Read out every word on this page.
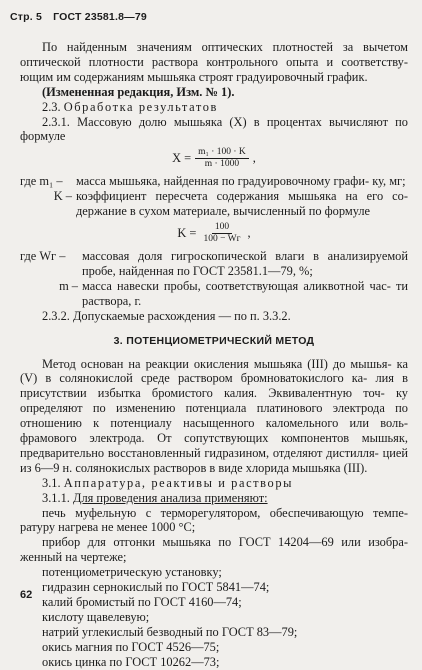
Стр. 5 ГОСТ 23581.8—79

По найденным значениям оптических плотностей за вычетом оптической плотности раствора контрольного опыта и соответству- ющим им содержаниям мышьяка строят градуировочный график.

(Измененная редакция, Изм. № 1).

2.3. Обработка результатов

2.3.1. Массовую долю мышьяка (X) в процентах вычисляют по формуле

$X = \frac{\text{m₁ · 100 · K}}{m \cdot 1000}$ ,
где m₁ –	масса мышьяка, найденная по градуировочному графи- ку, мг;
K – коэффициент пересчета содержания мышьяка на его со- держание в сухом материале, вычисленный по формуле
$K = \frac{100}{100 - Wг}$ ,
где Wг –	массовая доля гигроскопической влаги в анализируемой пробе, найденная по ГОСТ 23581.1—79, %;
m – масса навески пробы, соответствующая аликвотной час- ти раствора, г.

2.3.2. Допускаемые расхождения — по п. 3.3.2.

3. ПОТЕНЦИОМЕТРИЧЕСКИЙ МЕТОД

Метод основан на реакции окисления мышьяка (III) до мышья- ка (V) в солянокислой среде раствором бромноватокислого ка- лия в присутствии избытка бромистого калия. Эквивалентную точ- ку определяют по изменению потенциала платинового электрода по отношению к потенциалу насыщенного каломельного или воль- фрамового электрода. От сопутствующих компонентов мышьяк, предварительно восстановленный гидразином, отделяют дистилля- цией из 6—9 н. солянокислых растворов в виде хлорида мышьяка (III).

3.1. Аппаратура, реактивы и растворы

3.1.1. Для проведения анализа применяют:

печь муфельную с терморегулятором, обеспечивающую темпе- ратуру нагрева не менее 1000 °С;

прибор для отгонки мышьяка по ГОСТ 14204—69 или изобра- женный на чертеже;

потенциометрическую установку;

гидразин сернокислый по ГОСТ 5841—74;

калий бромистый по ГОСТ 4160—74;

кислоту щавелевую;

натрий углекислый безводный по ГОСТ 83—79;

окись магния по ГОСТ 4526—75;

окись цинка по ГОСТ 10262—73;

62
